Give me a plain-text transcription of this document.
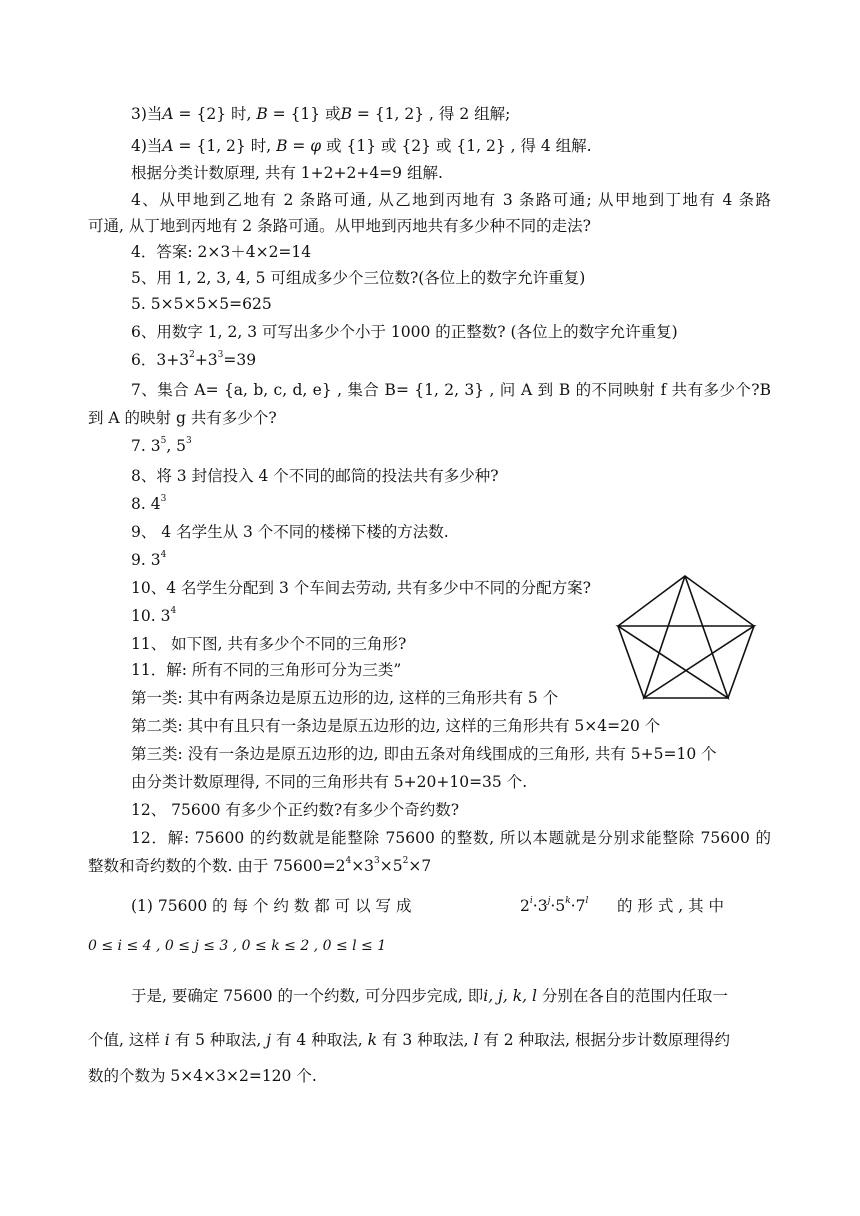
3)当A = {2} 时, B = {1} 或B = {1, 2} , 得 2 组解;
4)当A = {1, 2} 时, B = φ 或 {1} 或 {2} 或 {1, 2} , 得 4 组解.
根据分类计数原理, 共有 1+2+2+4=9 组解.
4、从甲地到乙地有 2 条路可通, 从乙地到丙地有 3 条路可通; 从甲地到丁地有 4 条路
可通, 从丁地到丙地有 2 条路可通。从甲地到丙地共有多少种不同的走法?
4．答案: 2×3＋4×2=14
5、用 1, 2, 3, 4, 5 可组成多少个三位数?(各位上的数字允许重复)
5. 5×5×5×5=625
6、用数字 1, 2, 3 可写出多少个小于 1000 的正整数? (各位上的数字允许重复)
6．$3+3^2+3^3=39$
7、集合 A= {a, b, c, d, e} , 集合 B= {1, 2, 3} , 问 A 到 B 的不同映射 f 共有多少个?B
到 A 的映射 g 共有多少个?
7. $3^5$, $5^3$
8、将 3 封信投入 4 个不同的邮筒的投法共有多少种?
8. $4^3$
9、 4 名学生从 3 个不同的楼梯下楼的方法数.
9. $3^4$
10、4 名学生分配到 3 个车间去劳动, 共有多少中不同的分配方案?
10. $3^4$
11、 如下图, 共有多少个不同的三角形?
11．解: 所有不同的三角形可分为三类”
第一类: 其中有两条边是原五边形的边, 这样的三角形共有 5 个
第二类: 其中有且只有一条边是原五边形的边, 这样的三角形共有 5×4=20 个
第三类: 没有一条边是原五边形的边, 即由五条对角线围成的三角形, 共有 5+5=10 个
由分类计数原理得, 不同的三角形共有 5+20+10=35 个.
12、 75600 有多少个正约数?有多少个奇约数?
12．解: 75600 的约数就是能整除 75600 的整数, 所以本题就是分别求能整除 75600 的
整数和奇约数的个数. 由于 $75600=2^4\times 3^3\times 5^2\times 7$
(1) 75600 的 每 个 约 数 都 可 以 写 成	$2^i\cdot 3^j\cdot 5^k\cdot 7^l$ 的 形 式 , 其 中
0 ≤ i ≤ 4 , 0 ≤ j ≤ 3 , 0 ≤ k ≤ 2 , 0 ≤ l ≤ 1
于是, 要确定 75600 的一个约数, 可分四步完成, 即i, j, k, l 分别在各自的范围内任取一
个值, 这样 i 有 5 种取法, j 有 4 种取法, k 有 3 种取法, l 有 2 种取法, 根据分步计数原理得约
数的个数为 5×4×3×2=120 个.
